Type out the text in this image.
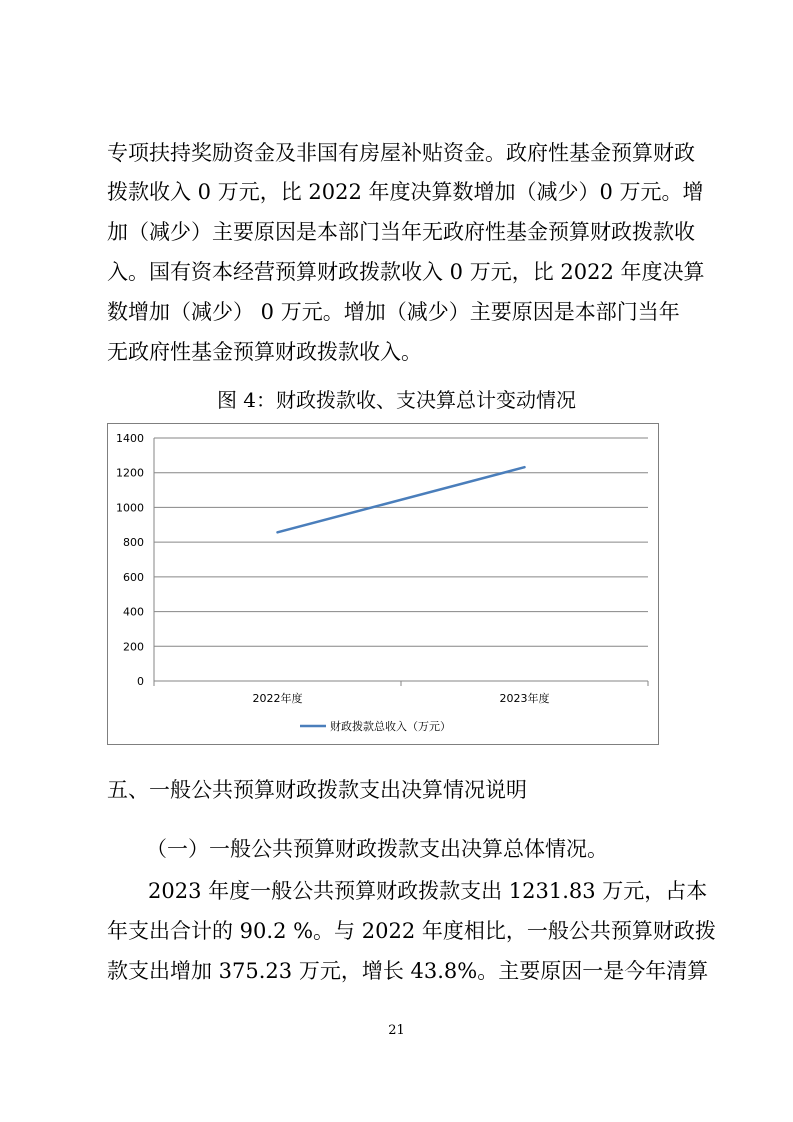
专项扶持奖励资金及非国有房屋补贴资金。政府性基金预算财政
拨款收入 0 万元，比 2022 年度决算数增加（减少）0 万元。增
加（减少）主要原因是本部门当年无政府性基金预算财政拨款收
入。国有资本经营预算财政拨款收入 0 万元，比 2022 年度决算
数增加（减少） 0 万元。增加（减少）主要原因是本部门当年
无政府性基金预算财政拨款收入。
图 4：财政拨款收、支决算总计变动情况
0
200
400
600
800
1000
1200
1400
2022年度	2023年度
财政拨款总收入（万元）
五、一般公共预算财政拨款支出决算情况说明
（一）一般公共预算财政拨款支出决算总体情况。
2023 年度一般公共预算财政拨款支出 1231.83 万元，占本
年支出合计的 90.2 %。与 2022 年度相比，一般公共预算财政拨
款支出增加 375.23 万元，增长 43.8%。主要原因一是今年清算
21
